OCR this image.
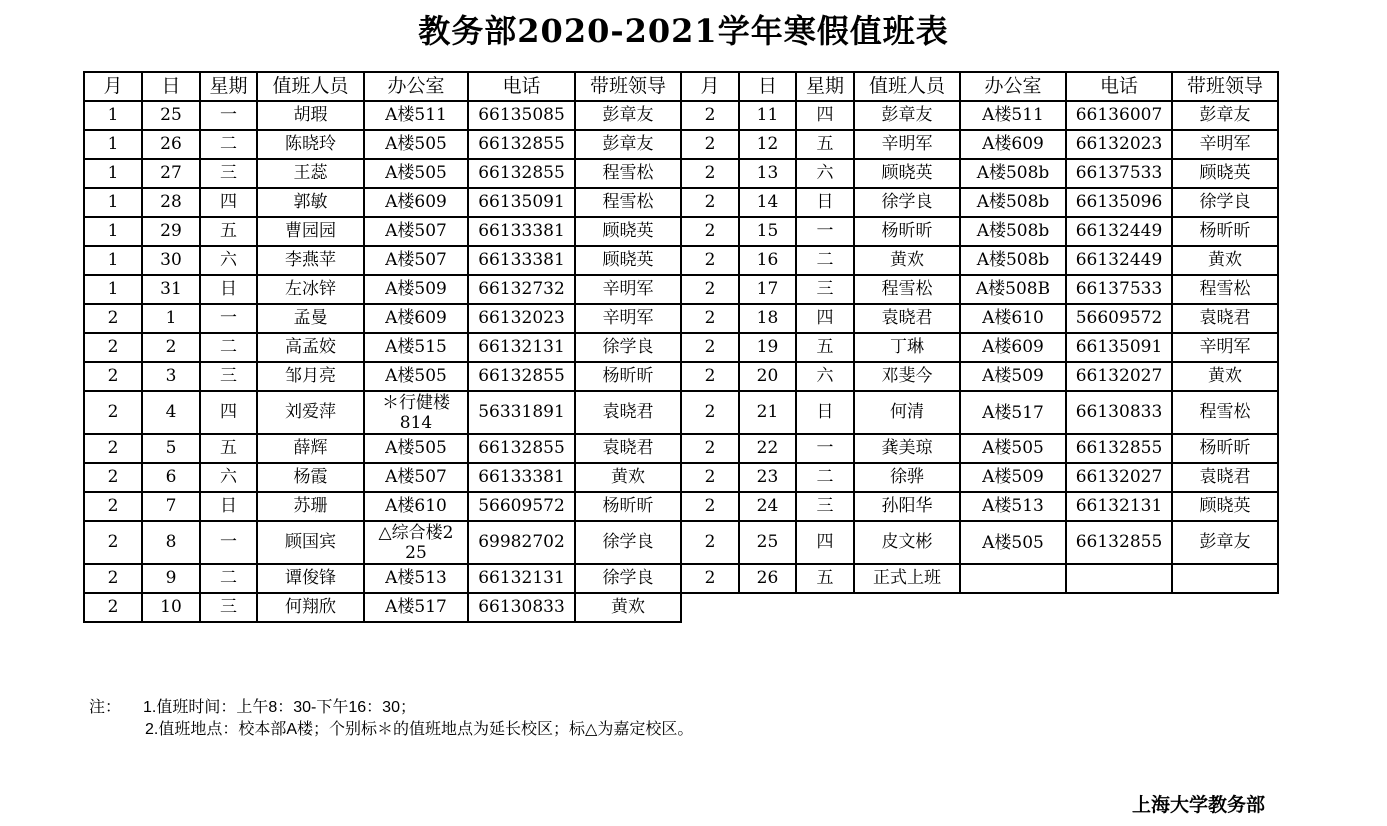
教务部2020-2021学年寒假值班表
月	日	星期	值班人员	办公室	电话	带班领导	月	日	星期	值班人员	办公室	电话	带班领导
1	25	一	胡瑕	A楼511	66135085	彭章友	2	11	四	彭章友	A楼511	66136007	彭章友
1	26	二	陈晓玲	A楼505	66132855	彭章友	2	12	五	辛明军	A楼609	66132023	辛明军
1	27	三	王蕊	A楼505	66132855	程雪松	2	13	六	顾晓英	A楼508b	66137533	顾晓英
1	28	四	郭敏	A楼609	66135091	程雪松	2	14	日	徐学良	A楼508b	66135096	徐学良
1	29	五	曹园园	A楼507	66133381	顾晓英	2	15	一	杨昕昕	A楼508b	66132449	杨昕昕
1	30	六	李燕苹	A楼507	66133381	顾晓英	2	16	二	黄欢	A楼508b	66132449	黄欢
1	31	日	左冰锌	A楼509	66132732	辛明军	2	17	三	程雪松	A楼508B	66137533	程雪松
2	1	一	孟曼	A楼609	66132023	辛明军	2	18	四	袁晓君	A楼610	56609572	袁晓君
2	2	二	高孟姣	A楼515	66132131	徐学良	2	19	五	丁琳	A楼609	66135091	辛明军
2	3	三	邹月亮	A楼505	66132855	杨昕昕	2	20	六	邓斐今	A楼509	66132027	黄欢
2	4	四	刘爱萍	＊行健楼814	56331891	袁晓君	2	21	日	何清	A楼517	66130833	程雪松
2	5	五	薛辉	A楼505	66132855	袁晓君	2	22	一	龚美琼	A楼505	66132855	杨昕昕
2	6	六	杨霞	A楼507	66133381	黄欢	2	23	二	徐骅	A楼509	66132027	袁晓君
2	7	日	苏珊	A楼610	56609572	杨昕昕	2	24	三	孙阳华	A楼513	66132131	顾晓英
2	8	一	顾国宾	△综合楼225	69982702	徐学良	2	25	四	皮文彬	A楼505	66132855	彭章友
2	9	二	谭俊锋	A楼513	66132131	徐学良	2	26	五	正式上班			
2	10	三	何翔欣	A楼517	66130833	黄欢							
注： 1.值班时间：上午8：30-下午16：30；
2.值班地点：校本部A楼；个别标＊的值班地点为延长校区；标△为嘉定校区。
上海大学教务部
